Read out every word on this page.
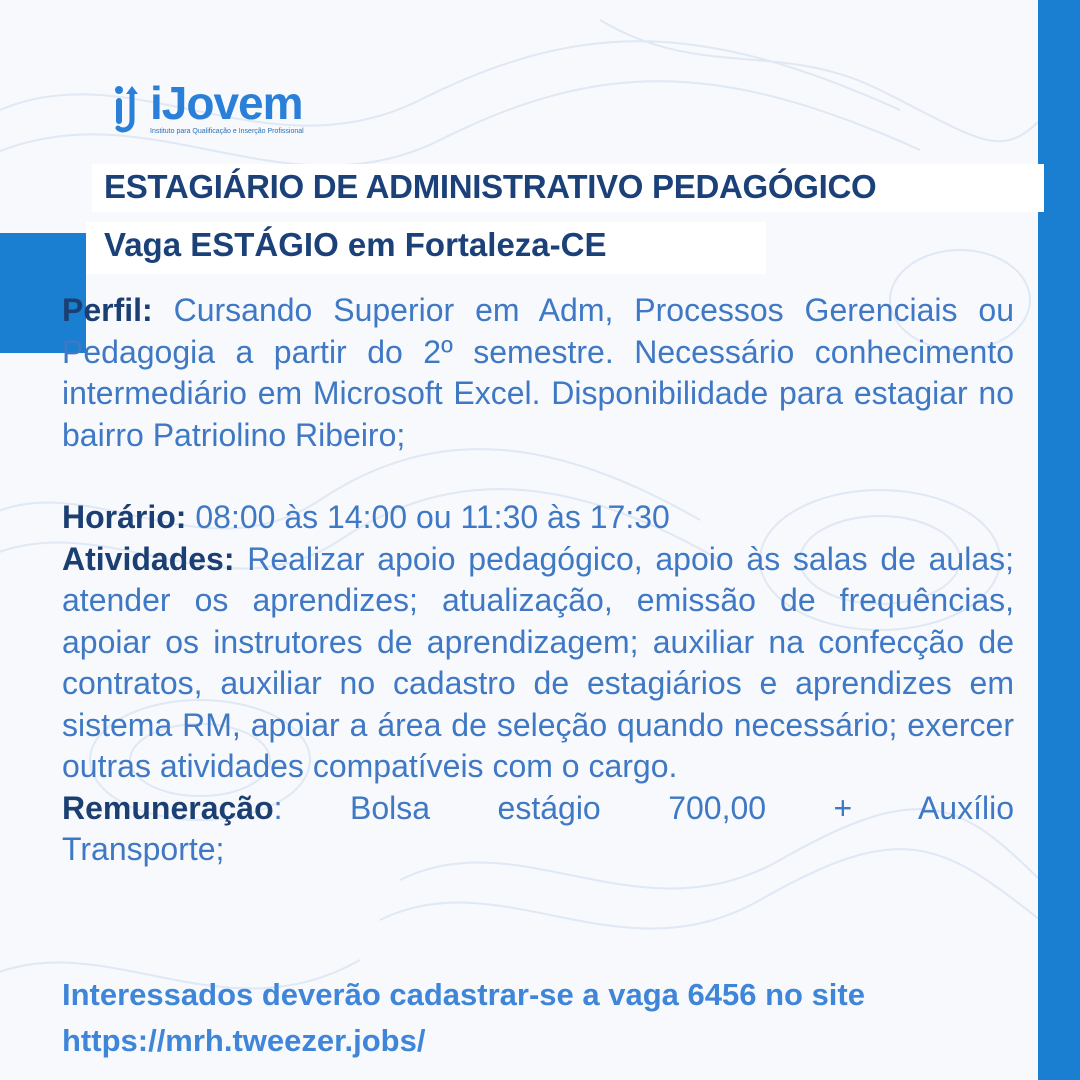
iJovem
Instituto para Qualificação e Inserção Profissional
ESTAGIÁRIO DE ADMINISTRATIVO PEDAGÓGICO
Vaga ESTÁGIO em Fortaleza-CE

Perfil: Cursando Superior em Adm, Processos Gerenciais ou Pedagogia a partir do 2º semestre. Necessário conhecimento intermediário em Microsoft Excel. Disponibilidade para estagiar no bairro Patriolino Ribeiro;

Horário: 08:00 às 14:00 ou 11:30 às 17:30

Atividades: Realizar apoio pedagógico, apoio às salas de aulas; atender os aprendizes; atualização, emissão de frequências, apoiar os instrutores de aprendizagem; auxiliar na confecção de contratos, auxiliar no cadastro de estagiários e aprendizes em sistema RM, apoiar a área de seleção quando necessário; exercer outras atividades compatíveis com o cargo.

Remuneração: Bolsa estágio 700,00 + Auxílio

Transporte;

Interessados deverão cadastrar-se a vaga 6456 no site

https://mrh.tweezer.jobs/
